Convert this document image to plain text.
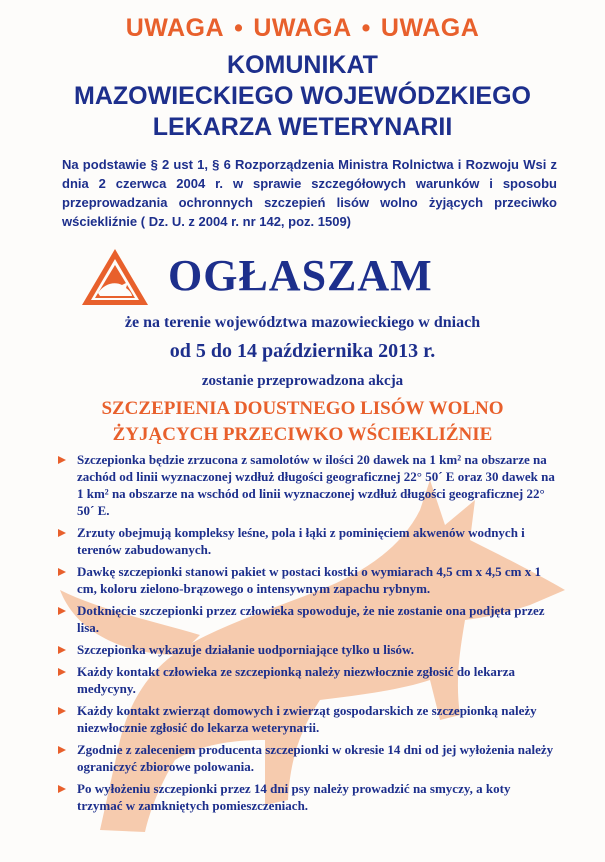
UWAGA • UWAGA • UWAGA
KOMUNIKAT
MAZOWIECKIEGO WOJEWÓDZKIEGO
LEKARZA WETERYNARII
Na podstawie § 2 ust 1, § 6 Rozporządzenia Ministra Rolnictwa i Rozwoju Wsi z dnia 2 czerwca 2004 r. w sprawie szczegółowych warunków i sposobu przeprowadzania ochronnych szczepień lisów wolno żyjących przeciwko wściekliźnie ( Dz. U. z 2004 r. nr 142, poz. 1509)
OGŁASZAM
że na terenie województwa mazowieckiego w dniach
od 5 do 14 października 2013 r.
zostanie przeprowadzona akcja
SZCZEPIENIA DOUSTNEGO LISÓW WOLNO
ŻYJĄCYCH PRZECIWKO WŚCIEKLIŹNIE
Szczepionka będzie zrzucona z samolotów w ilości 20 dawek na 1 km² na obszarze na zachód od linii wyznaczonej wzdłuż długości geograficznej 22° 50´ E oraz 30 dawek na 1 km² na obszarze na wschód od linii wyznaczonej wzdłuż długości geograficznej 22° 50´ E.
Zrzuty obejmują kompleksy leśne, pola i łąki z pominięciem akwenów wodnych i terenów zabudowanych.
Dawkę szczepionki stanowi pakiet w postaci kostki o wymiarach 4,5 cm x 4,5 cm x 1 cm, koloru zielono-brązowego o intensywnym zapachu rybnym.
Dotknięcie szczepionki przez człowieka spowoduje, że nie zostanie ona podjęta przez lisa.
Szczepionka wykazuje działanie uodporniające tylko u lisów.
Każdy kontakt człowieka ze szczepionką należy niezwłocznie zgłosić do lekarza medycyny.
Każdy kontakt zwierząt domowych i zwierząt gospodarskich ze szczepionką należy niezwłocznie zgłosić do lekarza weterynarii.
Zgodnie z zaleceniem producenta szczepionki w okresie 14 dni od jej wyłożenia należy ograniczyć zbiorowe polowania.
Po wyłożeniu szczepionki przez 14 dni psy należy prowadzić na smyczy, a koty trzymać w zamkniętych pomieszczeniach.
